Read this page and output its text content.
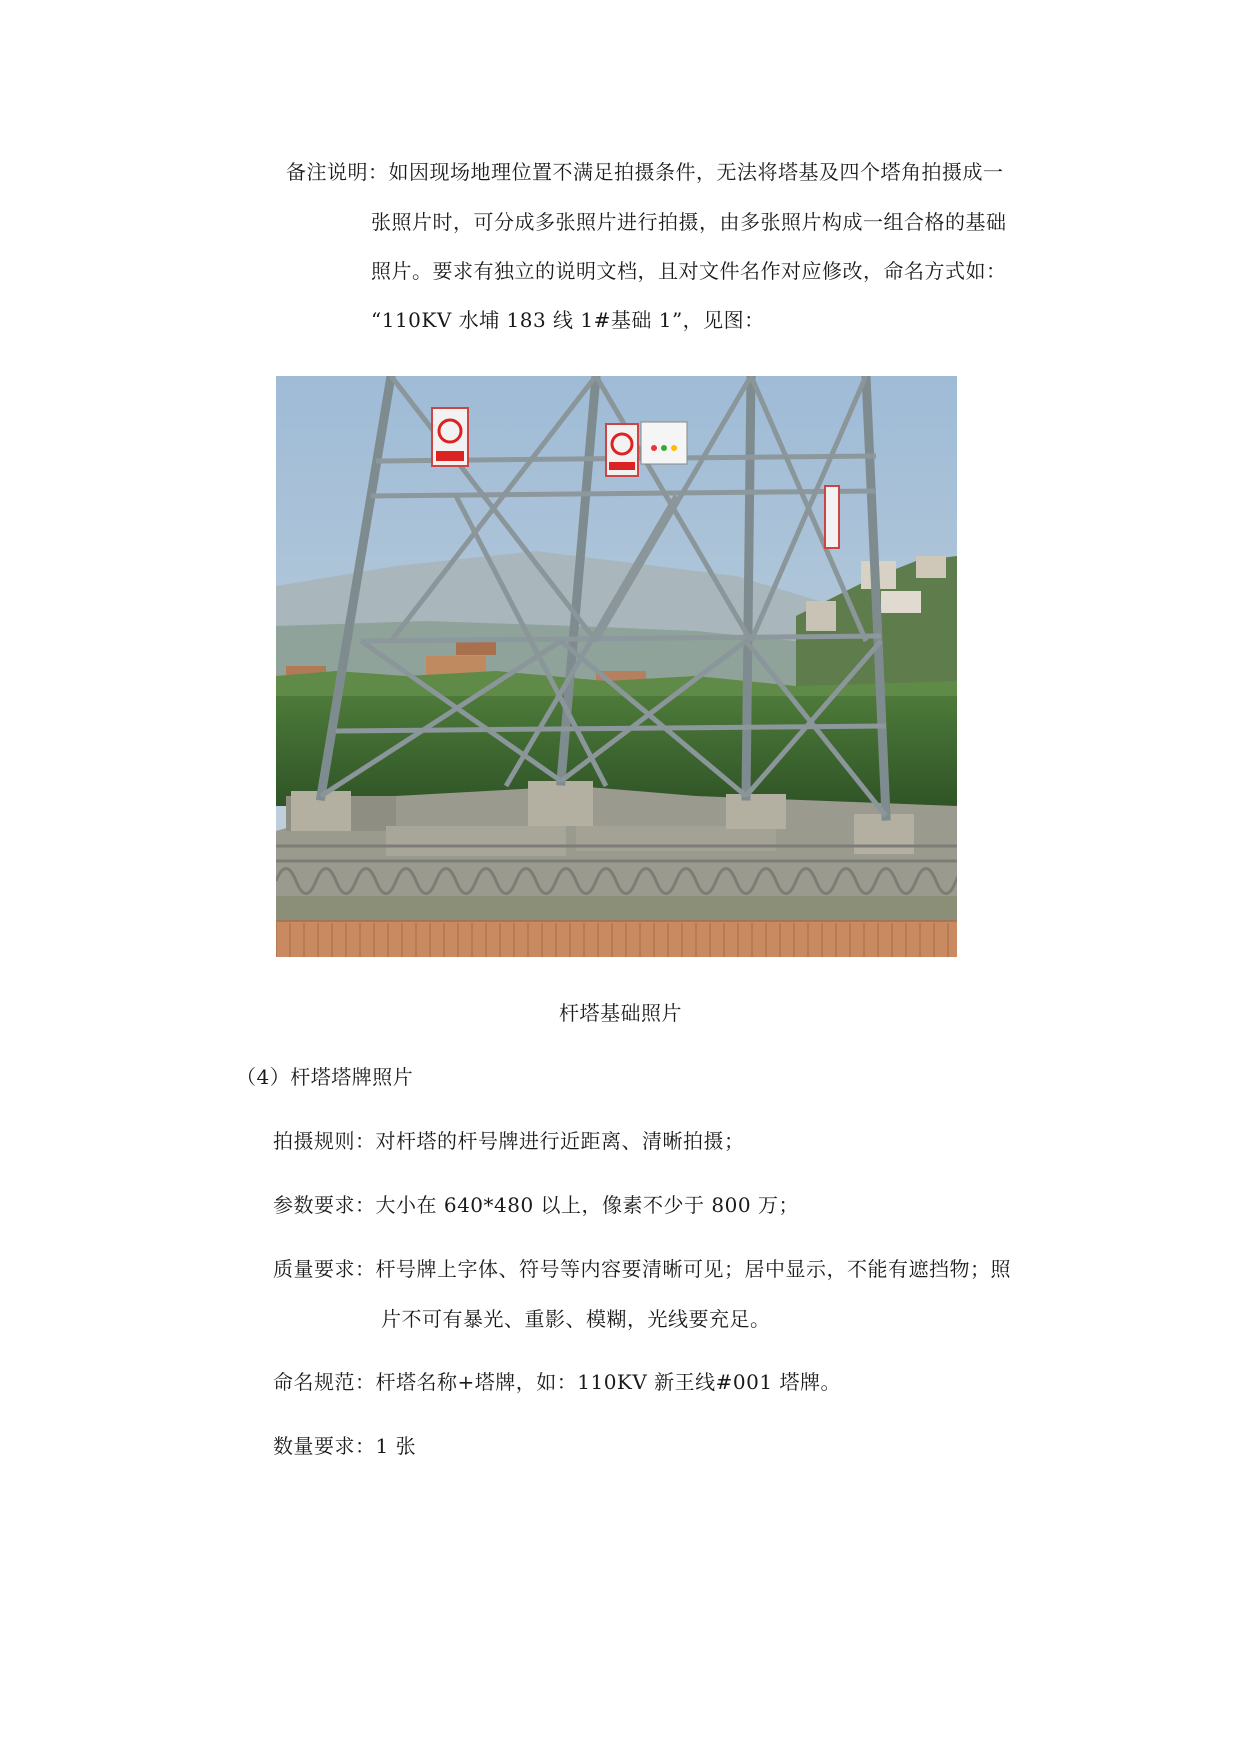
备注说明：如因现场地理位置不满足拍摄条件，无法将塔基及四个塔角拍摄成一
张照片时，可分成多张照片进行拍摄，由多张照片构成一组合格的基础
照片。要求有独立的说明文档，且对文件名作对应修改，命名方式如：
“110KV 水埔 183 线 1#基础 1”，见图：
杆塔基础照片
（4）杆塔塔牌照片
拍摄规则：对杆塔的杆号牌进行近距离、清晰拍摄；
参数要求：大小在 640*480 以上，像素不少于 800 万；
质量要求：杆号牌上字体、符号等内容要清晰可见；居中显示，不能有遮挡物；照
片不可有暴光、重影、模糊，光线要充足。
命名规范：杆塔名称+塔牌，如：110KV 新王线#001 塔牌。
数量要求：1 张
